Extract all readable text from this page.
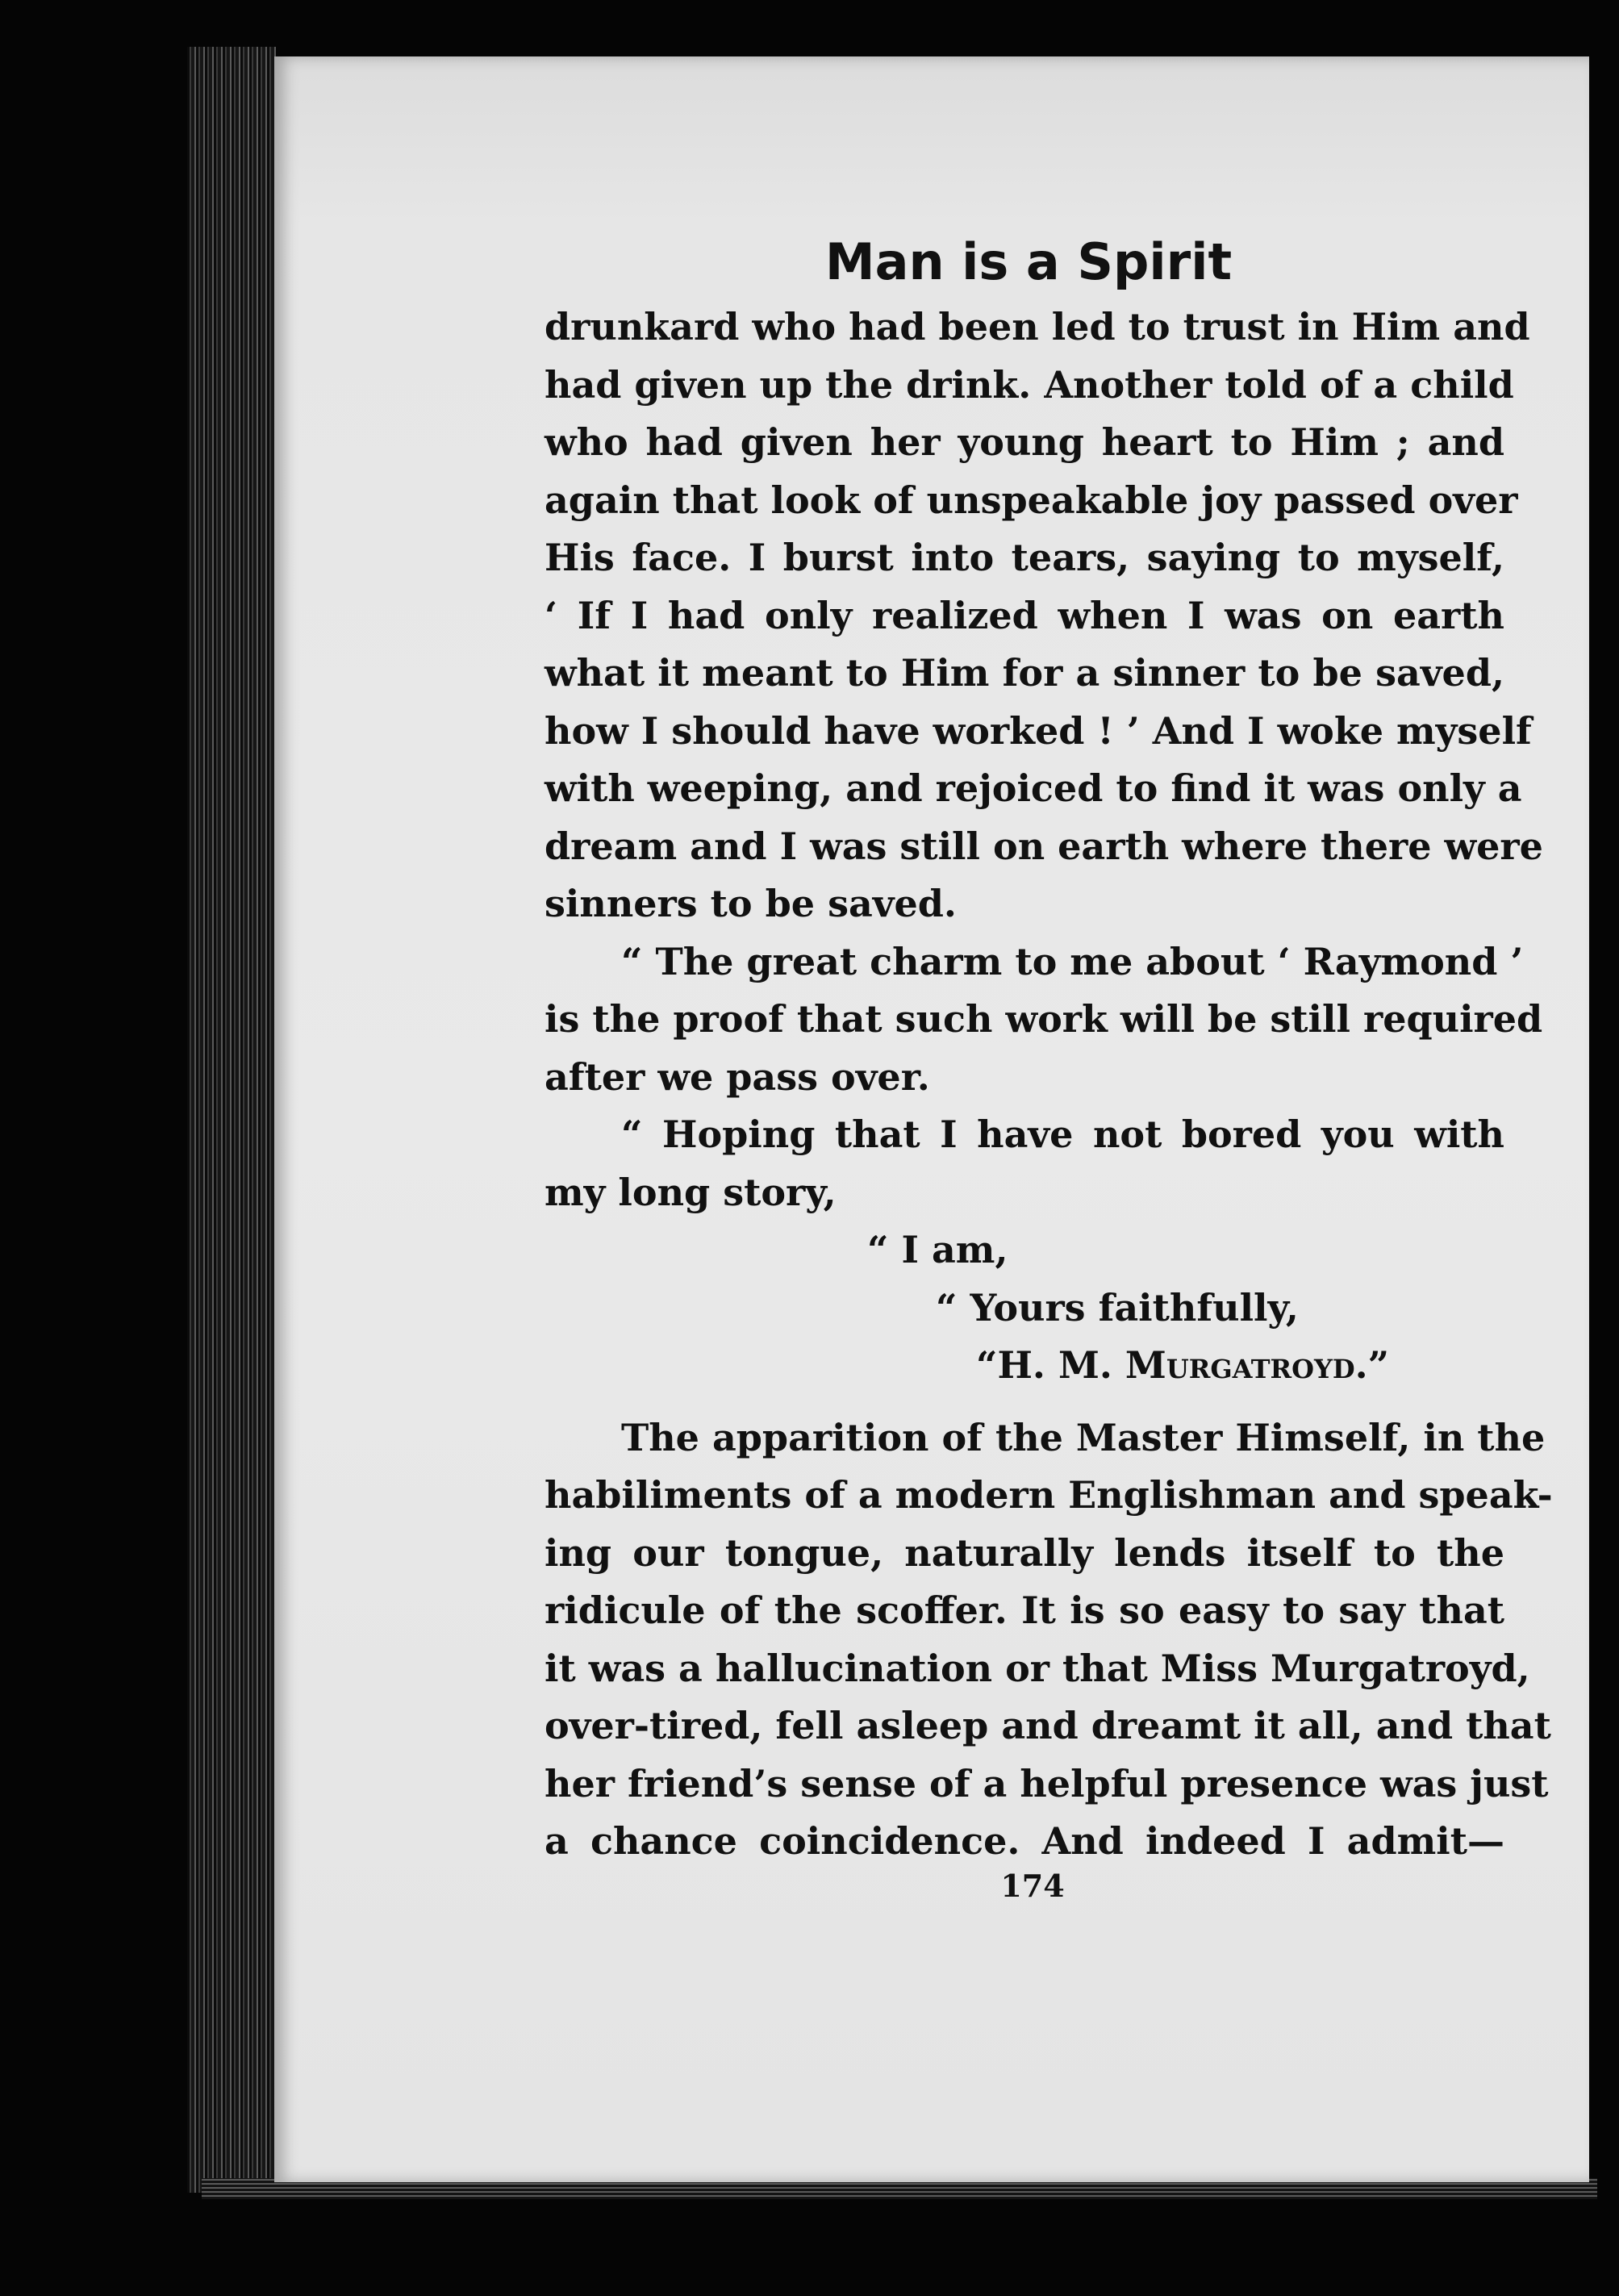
Man is a Spirit
drunkard who had been led to trust in Him and
had given up the drink. Another told of a child
who had given her young heart to Him ; and
again that look of unspeakable joy passed over
His face. I burst into tears, saying to myself,
‘ If I had only realized when I was on earth
what it meant to Him for a sinner to be saved,
how I should have worked ! ’ And I woke myself
with weeping, and rejoiced to find it was only a
dream and I was still on earth where there were
sinners to be saved.
“ The great charm to me about ‘ Raymond ’
is the proof that such work will be still required
after we pass over.
“ Hoping that I have not bored you with
my long story,
“ I am,
“ Yours faithfully,
“H. M. Murgatroyd.”
The apparition of the Master Himself, in the
habiliments of a modern Englishman and speak-
ing our tongue, naturally lends itself to the
ridicule of the scoffer. It is so easy to say that
it was a hallucination or that Miss Murgatroyd,
over-tired, fell asleep and dreamt it all, and that
her friend’s sense of a helpful presence was just
a chance coincidence. And indeed I admit—
174
